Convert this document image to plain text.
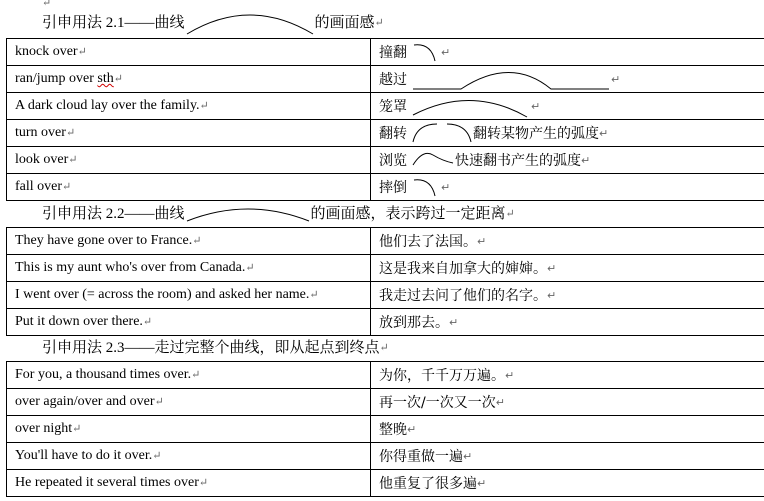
↵
引申用法 2.1——曲线	的画面感↵
knock over↵	撞翻 ↵

ran/jump over sth↵	越过 ↵

A dark cloud lay over the family.↵	笼罩 ↵

turn over↵	翻转 翻转某物产生的弧度 ↵

look over↵	浏览 快速翻书产生的弧度 ↵

fall over↵	摔倒 ↵
引申用法 2.2——曲线	的画面感，表示跨过一定距离↵
They have gone over to France.↵	他们去了法国。 ↵

This is my aunt who's over from Canada.↵	这是我来自加拿大的婶婶。 ↵

I went over (= across the room) and asked her name.↵	我走过去问了他们的名字。 ↵

Put it down over there.↵	放到那去。 ↵
引申用法 2.3——走过完整个曲线，即从起点到终点↵
For you, a thousand times over.↵	为你，千千万万遍。 ↵

over again/over and over↵	再一次/一次又一次 ↵

over night↵	整晚 ↵

You'll have to do it over.↵	你得重做一遍 ↵

He repeated it several times over↵	他重复了很多遍 ↵
